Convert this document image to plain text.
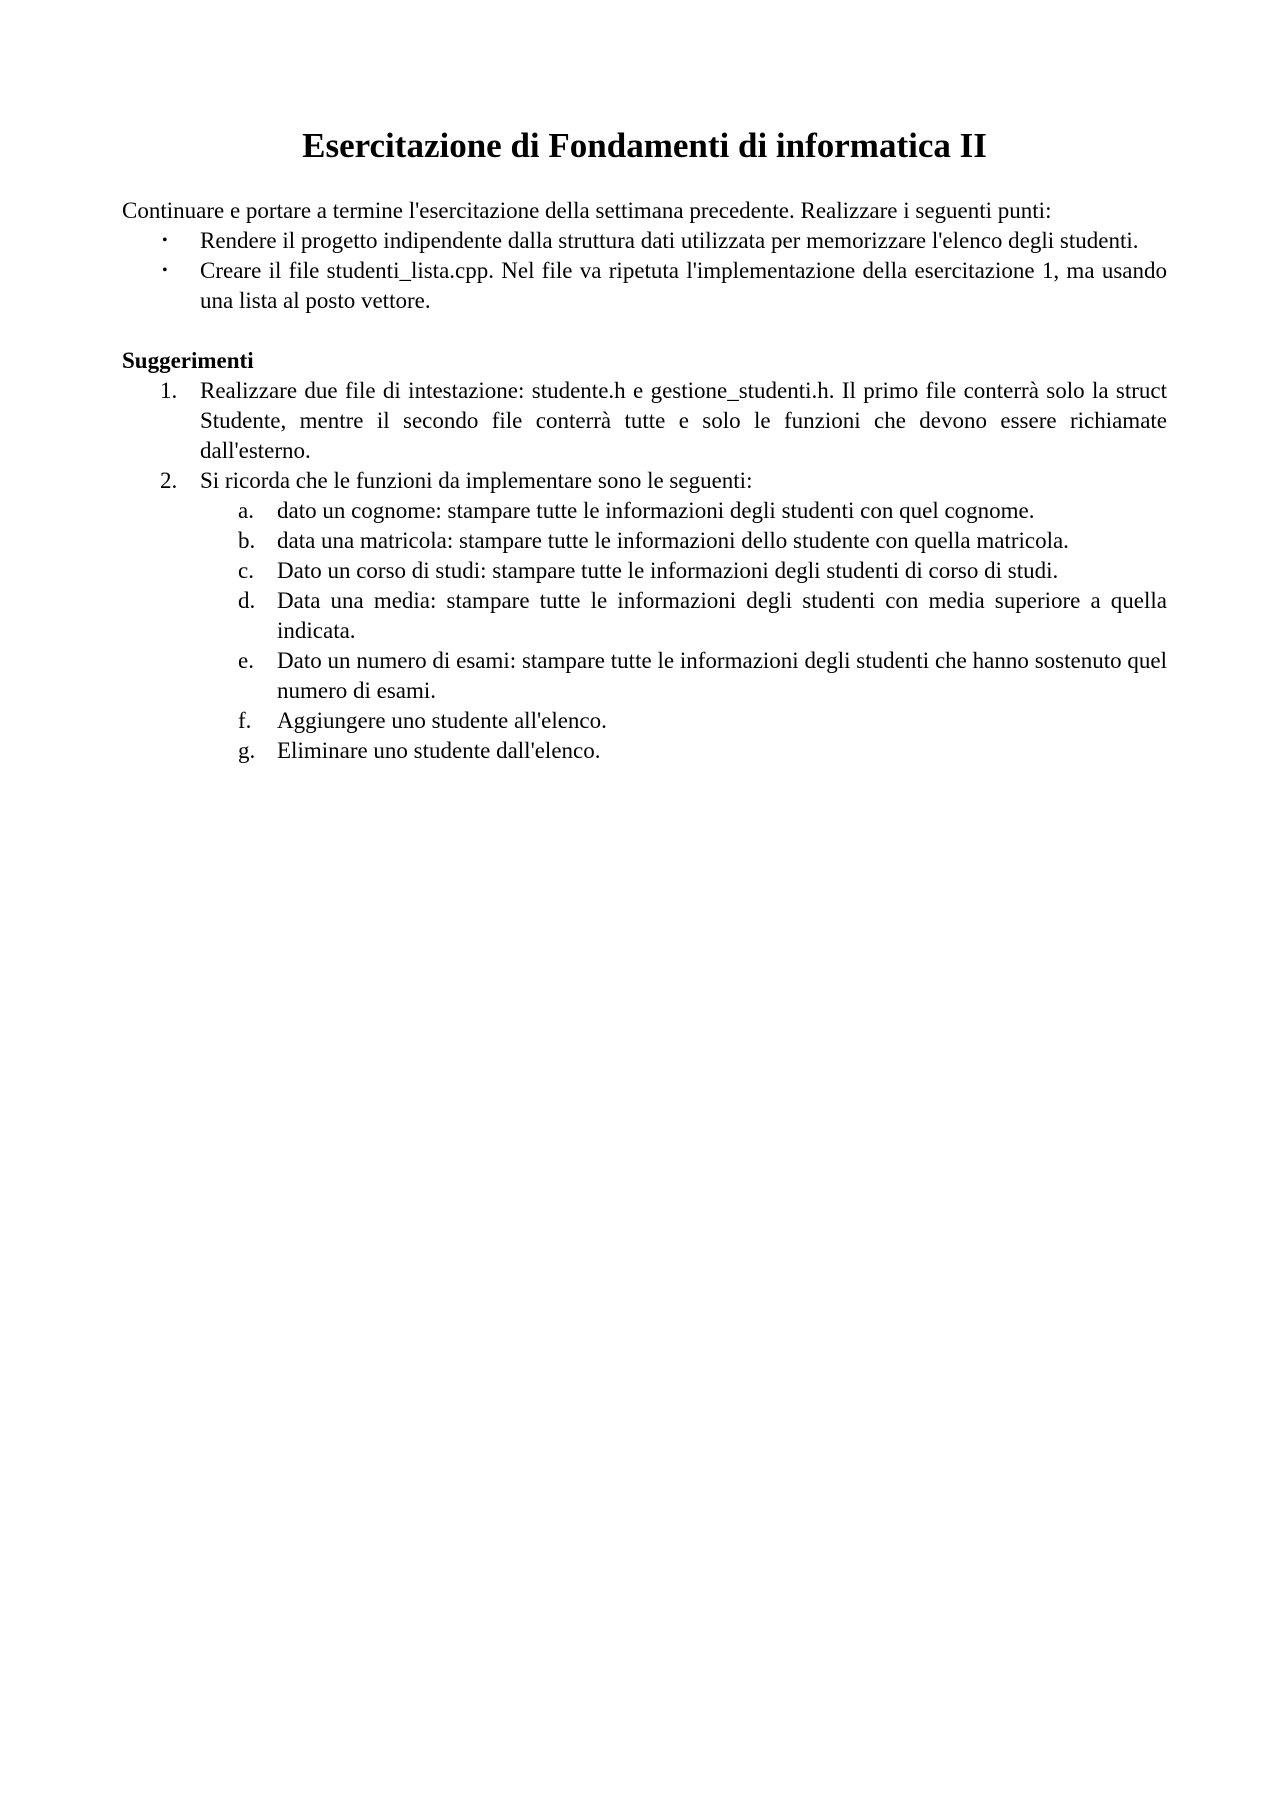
Esercitazione di Fondamenti di informatica II

Continuare e portare a termine l'esercitazione della settimana precedente. Realizzare i seguenti punti:

• Rendere il progetto indipendente dalla struttura dati utilizzata per memorizzare l'elenco degli studenti.
• Creare il file studenti_lista.cpp. Nel file va ripetuta l'implementazione della esercitazione 1, ma usando una lista al posto vettore.

Suggerimenti

1. Realizzare due file di intestazione: studente.h e gestione_studenti.h. Il primo file conterrà solo la struct Studente, mentre il secondo file conterrà tutte e solo le funzioni che devono essere richiamate dall'esterno.
2. Si ricorda che le funzioni da implementare sono le seguenti:
a. dato un cognome: stampare tutte le informazioni degli studenti con quel cognome.
b. data una matricola: stampare tutte le informazioni dello studente con quella matricola.
c. Dato un corso di studi: stampare tutte le informazioni degli studenti di corso di studi.
d. Data una media: stampare tutte le informazioni degli studenti con media superiore a quella indicata.
e. Dato un numero di esami: stampare tutte le informazioni degli studenti che hanno sostenuto quel numero di esami.
f. Aggiungere uno studente all'elenco.
g. Eliminare uno studente dall'elenco.
